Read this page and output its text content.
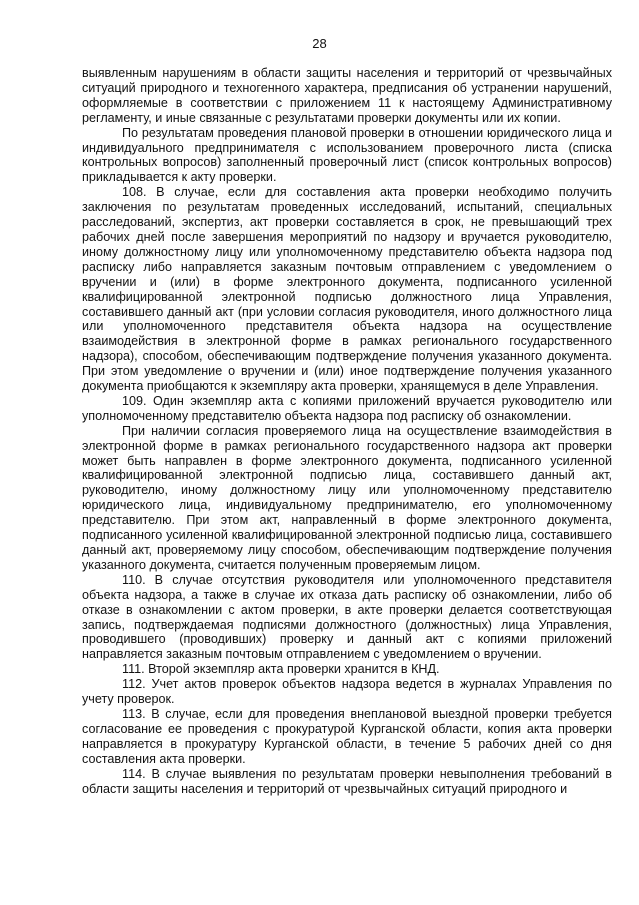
28

выявленным нарушениям в области защиты населения и территорий от чрезвычайных ситуаций природного и техногенного характера, предписания об устранении нарушений, оформляемые в соответствии с приложением 11 к настоящему Административному регламенту, и иные связанные с результатами проверки документы или их копии.

По результатам проведения плановой проверки в отношении юридического лица и индивидуального предпринимателя с использованием проверочного листа (списка контрольных вопросов) заполненный проверочный лист (список контрольных вопросов) прикладывается к акту проверки.

108. В случае, если для составления акта проверки необходимо получить заключения по результатам проведенных исследований, испытаний, специальных расследований, экспертиз, акт проверки составляется в срок, не превышающий трех рабочих дней после завершения мероприятий по надзору и вручается руководителю, иному должностному лицу или уполномоченному представителю объекта надзора под расписку либо направляется заказным почтовым отправлением с уведомлением о вручении и (или) в форме электронного документа, подписанного усиленной квалифицированной электронной подписью должностного лица Управления, составившего данный акт (при условии согласия руководителя, иного должностного лица или уполномоченного представителя объекта надзора на осуществление взаимодействия в электронной форме в рамках регионального государственного надзора), способом, обеспечивающим подтверждение получения указанного документа. При этом уведомление о вручении и (или) иное подтверждение получения указанного документа приобщаются к экземпляру акта проверки, хранящемуся в деле Управления.

109. Один экземпляр акта с копиями приложений вручается руководителю или уполномоченному представителю объекта надзора под расписку об ознакомлении.

При наличии согласия проверяемого лица на осуществление взаимодействия в электронной форме в рамках регионального государственного надзора акт проверки может быть направлен в форме электронного документа, подписанного усиленной квалифицированной электронной подписью лица, составившего данный акт, руководителю, иному должностному лицу или уполномоченному представителю юридического лица, индивидуальному предпринимателю, его уполномоченному представителю. При этом акт, направленный в форме электронного документа, подписанного усиленной квалифицированной электронной подписью лица, составившего данный акт, проверяемому лицу способом, обеспечивающим подтверждение получения указанного документа, считается полученным проверяемым лицом.

110. В случае отсутствия руководителя или уполномоченного представителя объекта надзора, а также в случае их отказа дать расписку об ознакомлении, либо об отказе в ознакомлении с актом проверки, в акте проверки делается соответствующая запись, подтверждаемая подписями должностного (должностных) лица Управления, проводившего (проводивших) проверку и данный акт с копиями приложений направляется заказным почтовым отправлением с уведомлением о вручении.

111. Второй экземпляр акта проверки хранится в КНД.

112. Учет актов проверок объектов надзора ведется в журналах Управления по учету проверок.

113. В случае, если для проведения внеплановой выездной проверки требуется согласование ее проведения с прокуратурой Курганской области, копия акта проверки направляется в прокуратуру Курганской области, в течение 5 рабочих дней со дня составления акта проверки.

114. В случае выявления по результатам проверки невыполнения требований в области защиты населения и территорий от чрезвычайных ситуаций природного и
